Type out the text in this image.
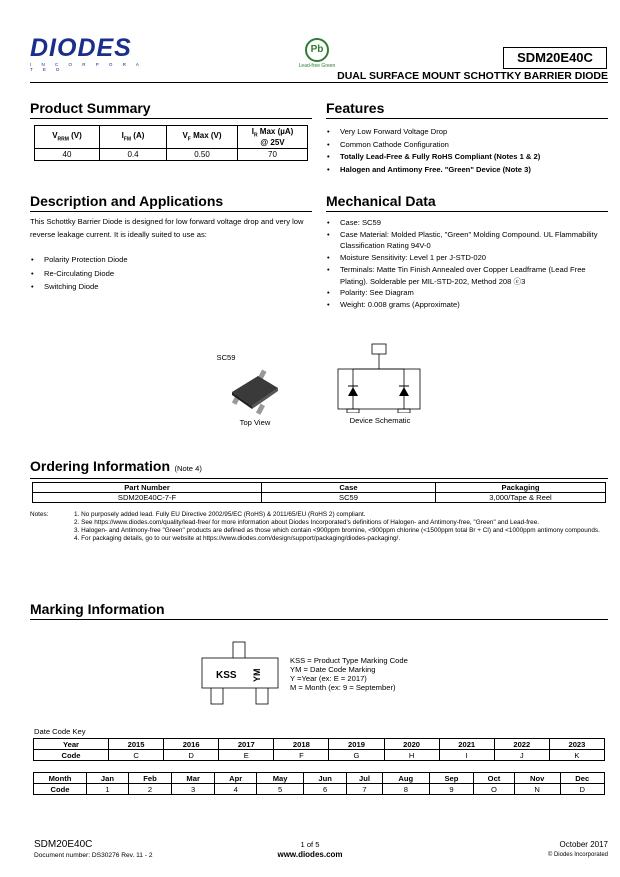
DIODES
I N C O R P O R A T E D
Pb
Lead-free Green
SDM20E40C
DUAL SURFACE MOUNT SCHOTTKY BARRIER DIODE
Product Summary
$V_{RRM}$ (V)	$I_{FM}$ (A)	$V_F$ Max (V)	$I_R$ Max (µA)
@ 25V
40	0.4	0.50	70
Features
• Very Low Forward Voltage Drop
• Common Cathode Configuration
• Totally Lead-Free & Fully RoHS Compliant (Notes 1 & 2)
• Halogen and Antimony Free. "Green" Device (Note 3)
Description and Applications
This Schottky Barrier Diode is designed for low forward voltage drop and very low reverse leakage current. It is ideally suited to use as:
• Polarity Protection Diode
• Re-Circulating Diode
• Switching Diode
Mechanical Data
• Case: SC59
• Case Material: Molded Plastic, "Green" Molding Compound. UL Flammability Classification Rating 94V-0
• Moisture Sensitivity: Level 1 per J-STD-020
• Terminals: Matte Tin Finish Annealed over Copper Leadframe (Lead Free Plating). Solderable per MIL-STD-202, Method 208 ⓔ3
• Polarity: See Diagram
• Weight: 0.008 grams (Approximate)
SC59
Top View	Device Schematic
Ordering Information (Note 4)
Part Number	Case	Packaging
SDM20E40C-7-F	SC59	3,000/Tape & Reel
Notes:	1. No purposely added lead. Fully EU Directive 2002/95/EC (RoHS) & 2011/65/EU (RoHS 2) compliant.
2. See https://www.diodes.com/quality/lead-free/ for more information about Diodes Incorporated's definitions of Halogen- and Antimony-free, "Green" and Lead-free.
3. Halogen- and Antimony-free "Green" products are defined as those which contain <900ppm bromine, <900ppm chlorine (<1500ppm total Br + Cl) and <1000ppm antimony compounds.
4. For packaging details, go to our website at https://www.diodes.com/design/support/packaging/diodes-packaging/.
Marking Information
KSS YM
KSS = Product Type Marking Code
YM = Date Code Marking
Y =Year (ex: E = 2017)
M = Month (ex: 9 = September)
Date Code Key
Year	2015	2016	2017	2018	2019	2020	2021	2022	2023
Code	C	D	E	F	G	H	I	J	K
Month	Jan	Feb	Mar	Apr	May	Jun	Jul	Aug	Sep	Oct	Nov	Dec
Code	1	2	3	4	5	6	7	8	9	O	N	D
SDM20E40C
Document number: DS30276 Rev. 11 - 2
1 of 5
www.diodes.com
October 2017
© Diodes Incorporated
